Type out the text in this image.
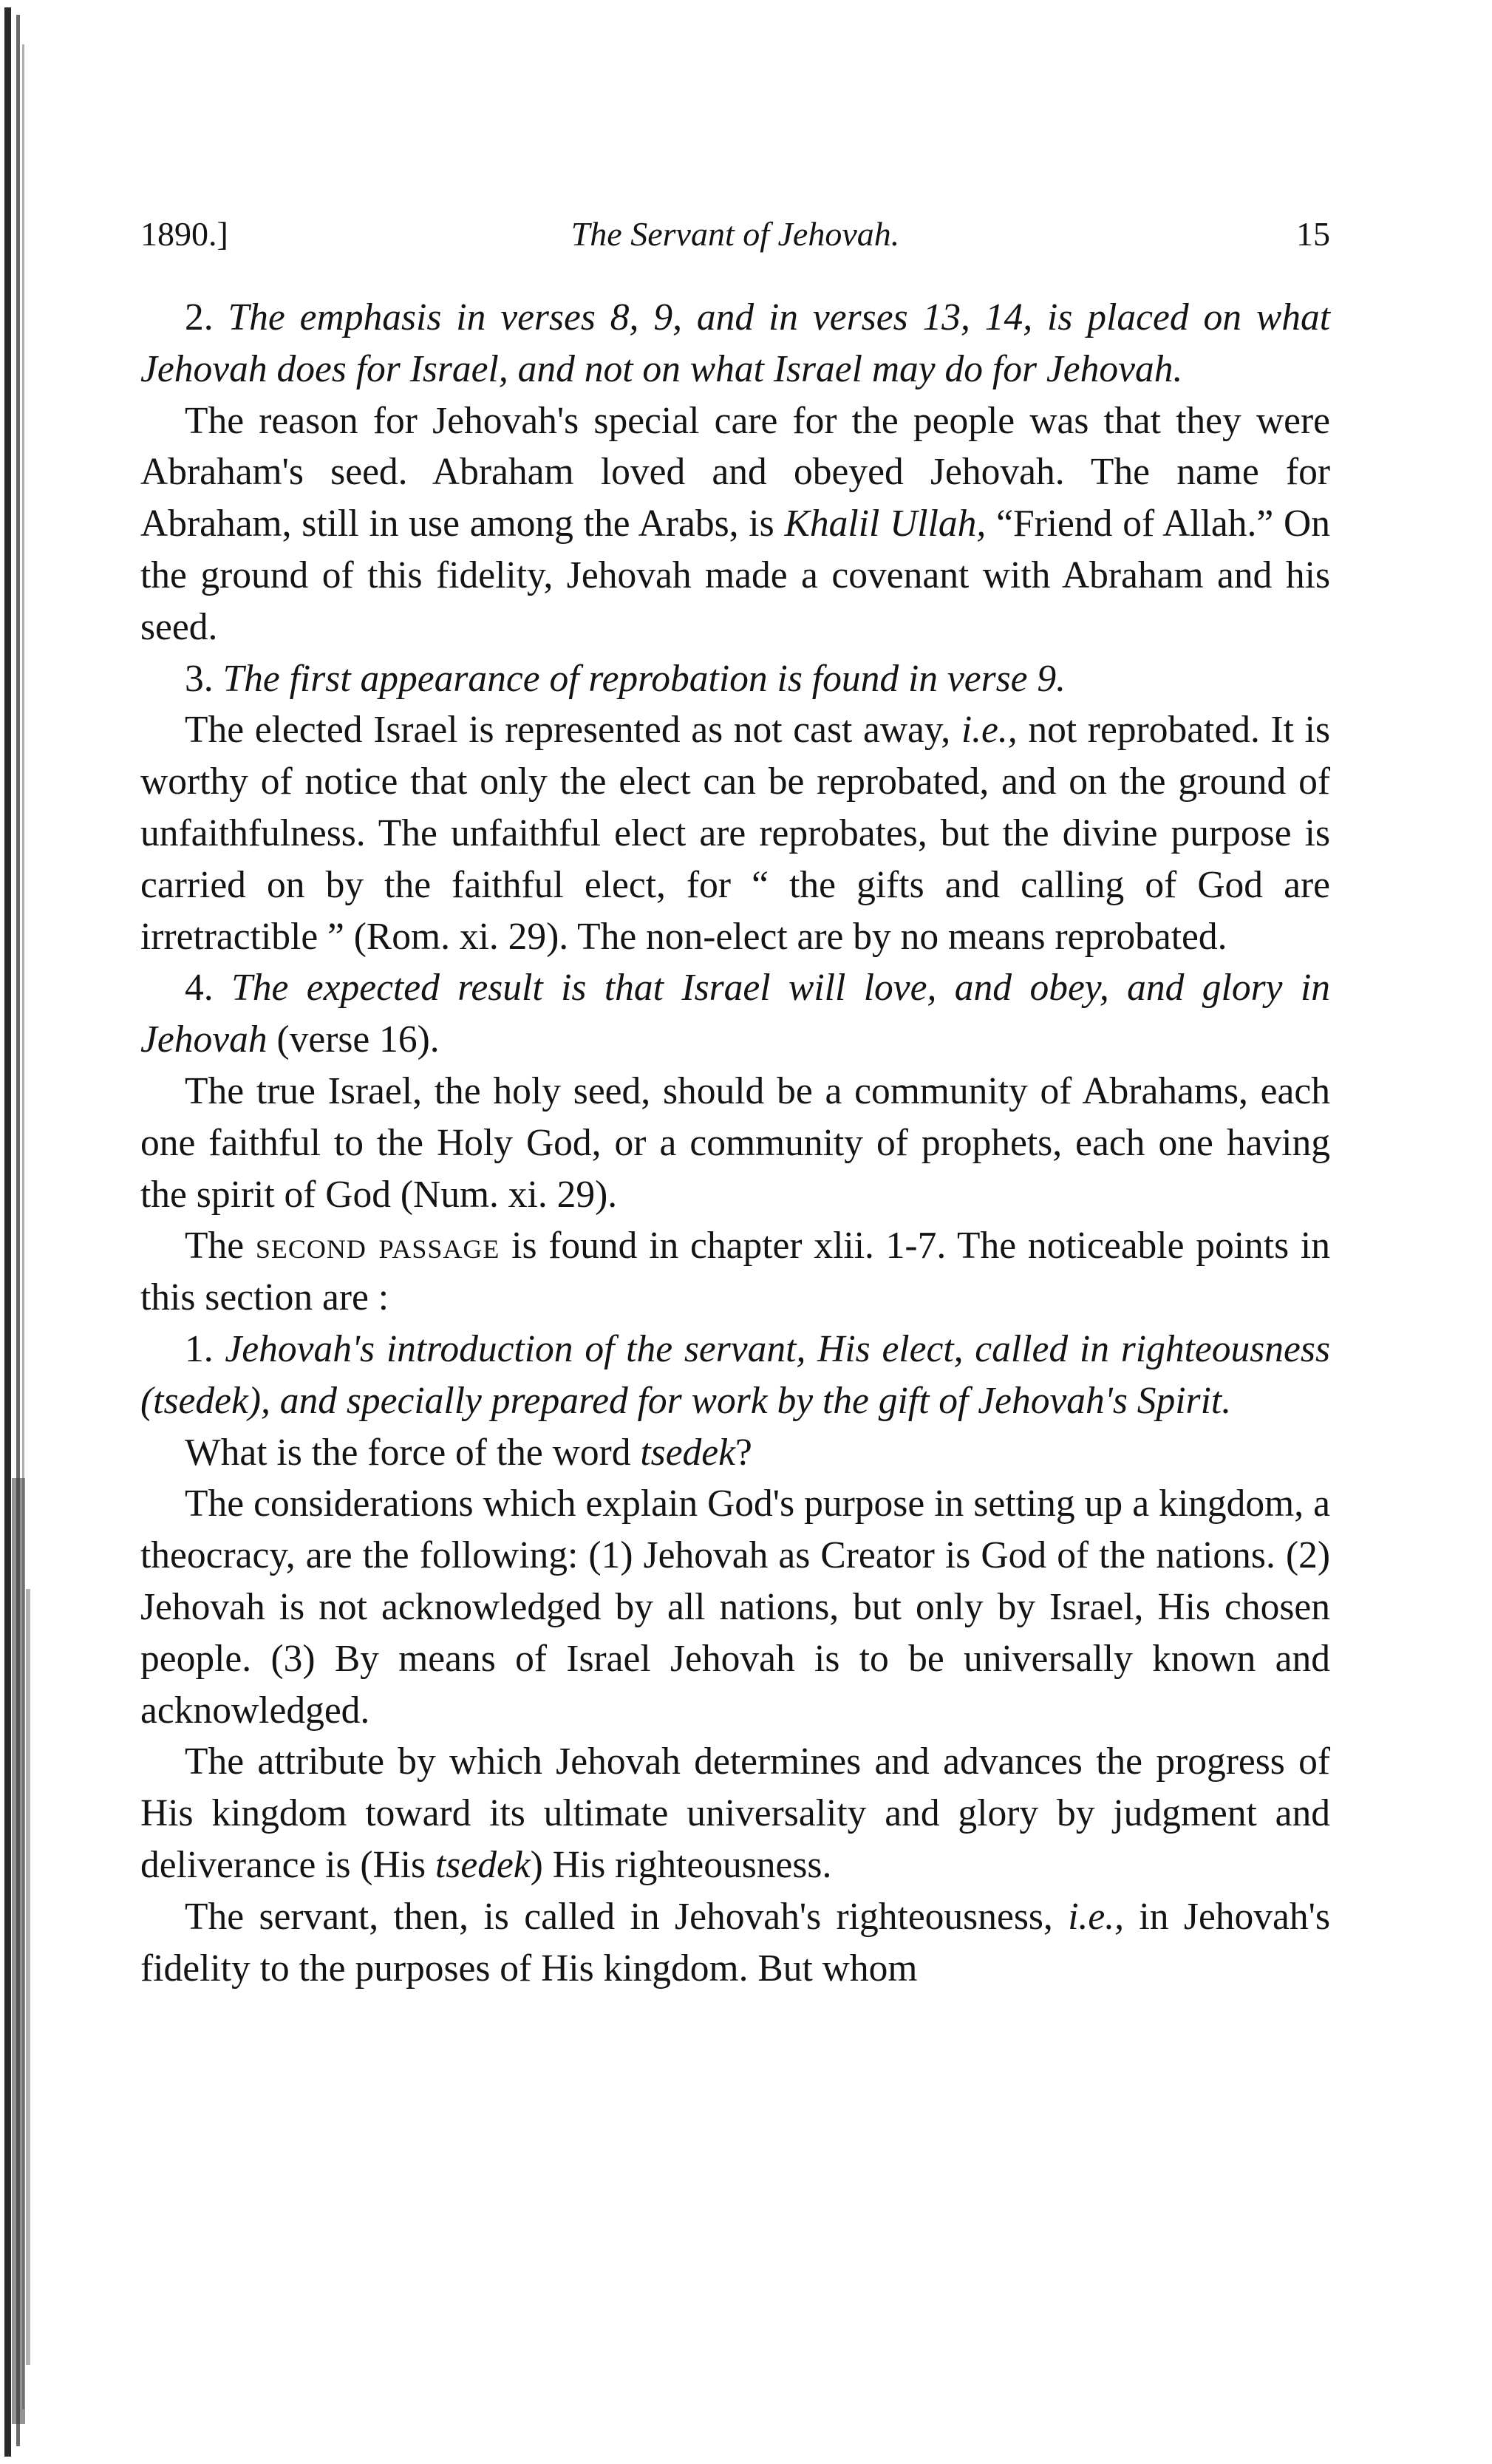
1890.]	The Servant of Jehovah.	15

2. The emphasis in verses 8, 9, and in verses 13, 14, is placed on what Jehovah does for Israel, and not on what Israel may do for Jehovah.

The reason for Jehovah's special care for the people was that they were Abraham's seed. Abraham loved and obeyed Jehovah. The name for Abraham, still in use among the Arabs, is Khalil Ullah, “Friend of Allah.” On the ground of this fidelity, Jehovah made a covenant with Abraham and his seed.

3. The first appearance of reprobation is found in verse 9.

The elected Israel is represented as not cast away, i.e., not reprobated. It is worthy of notice that only the elect can be reprobated, and on the ground of unfaithfulness. The unfaithful elect are reprobates, but the divine purpose is carried on by the faithful elect, for “ the gifts and calling of God are irretractible ” (Rom. xi. 29). The non-elect are by no means reprobated.

4. The expected result is that Israel will love, and obey, and glory in Jehovah (verse 16).

The true Israel, the holy seed, should be a community of Abrahams, each one faithful to the Holy God, or a community of prophets, each one having the spirit of God (Num. xi. 29).

The second passage is found in chapter xlii. 1-7. The noticeable points in this section are :

1. Jehovah's introduction of the servant, His elect, called in righteousness (tsedek), and specially prepared for work by the gift of Jehovah's Spirit.

What is the force of the word tsedek?

The considerations which explain God's purpose in setting up a kingdom, a theocracy, are the following: (1) Jehovah as Creator is God of the nations. (2) Jehovah is not acknowledged by all nations, but only by Israel, His chosen people. (3) By means of Israel Jehovah is to be universally known and acknowledged.

The attribute by which Jehovah determines and advances the progress of His kingdom toward its ultimate universality and glory by judgment and deliverance is (His tsedek) His righteousness.

The servant, then, is called in Jehovah's righteousness, i.e., in Jehovah's fidelity to the purposes of His kingdom. But whom
